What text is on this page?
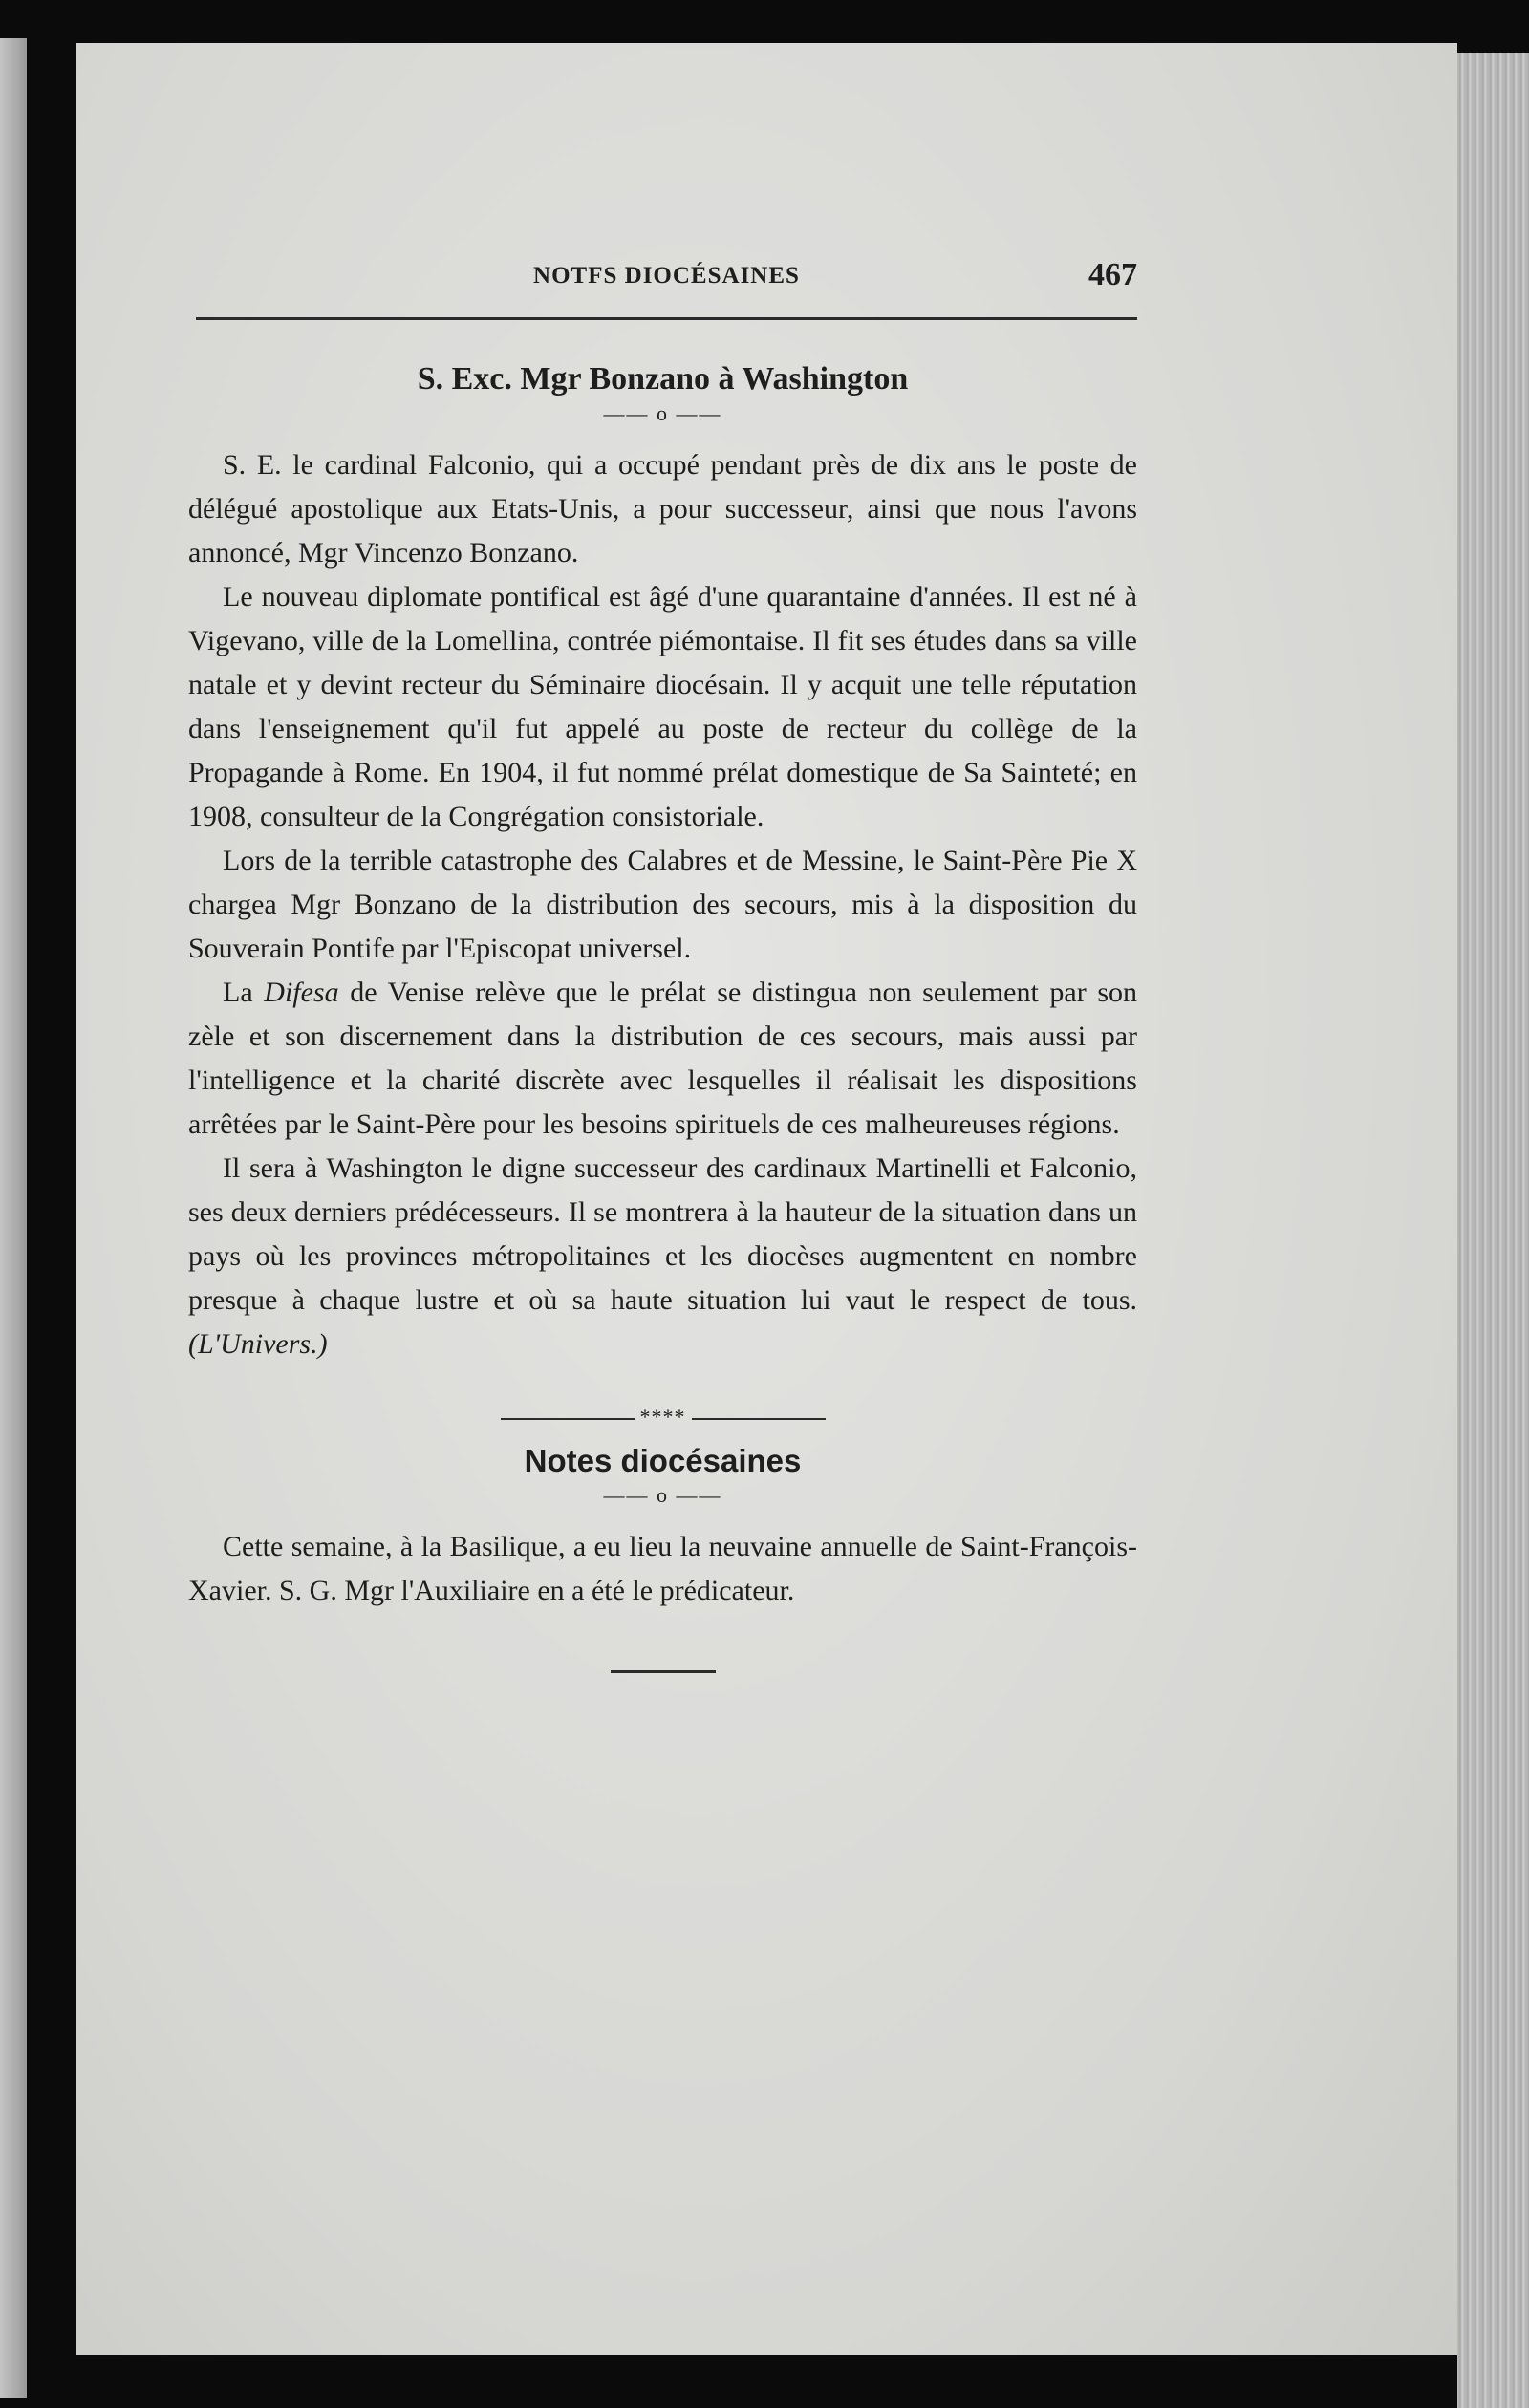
NOTFS DIOCÉSAINES	467
S. Exc. Mgr Bonzano à Washington
—— o ——

S. E. le cardinal Falconio, qui a occupé pendant près de dix ans le poste de délégué apostolique aux Etats-Unis, a pour successeur, ainsi que nous l'avons annoncé, Mgr Vincenzo Bonzano.

Le nouveau diplomate pontifical est âgé d'une quarantaine d'années. Il est né à Vigevano, ville de la Lomellina, contrée piémontaise. Il fit ses études dans sa ville natale et y devint recteur du Séminaire diocésain. Il y acquit une telle réputation dans l'enseignement qu'il fut appelé au poste de recteur du collège de la Propagande à Rome. En 1904, il fut nommé prélat domestique de Sa Sainteté; en 1908, consulteur de la Congrégation consistoriale.

Lors de la terrible catastrophe des Calabres et de Messine, le Saint-Père Pie X chargea Mgr Bonzano de la distribution des secours, mis à la disposition du Souverain Pontife par l'Episcopat universel.

La Difesa de Venise relève que le prélat se distingua non seulement par son zèle et son discernement dans la distribution de ces secours, mais aussi par l'intelligence et la charité discrète avec lesquelles il réalisait les dispositions arrêtées par le Saint-Père pour les besoins spirituels de ces malheureuses régions.

Il sera à Washington le digne successeur des cardinaux Martinelli et Falconio, ses deux derniers prédécesseurs. Il se montrera à la hauteur de la situation dans un pays où les provinces métropolitaines et les diocèses augmentent en nombre presque à chaque lustre et où sa haute situation lui vaut le respect de tous. (L'Univers.)

****
Notes diocésaines
—— o ——

Cette semaine, à la Basilique, a eu lieu la neuvaine annuelle de Saint-François-Xavier. S. G. Mgr l'Auxiliaire en a été le prédicateur.
